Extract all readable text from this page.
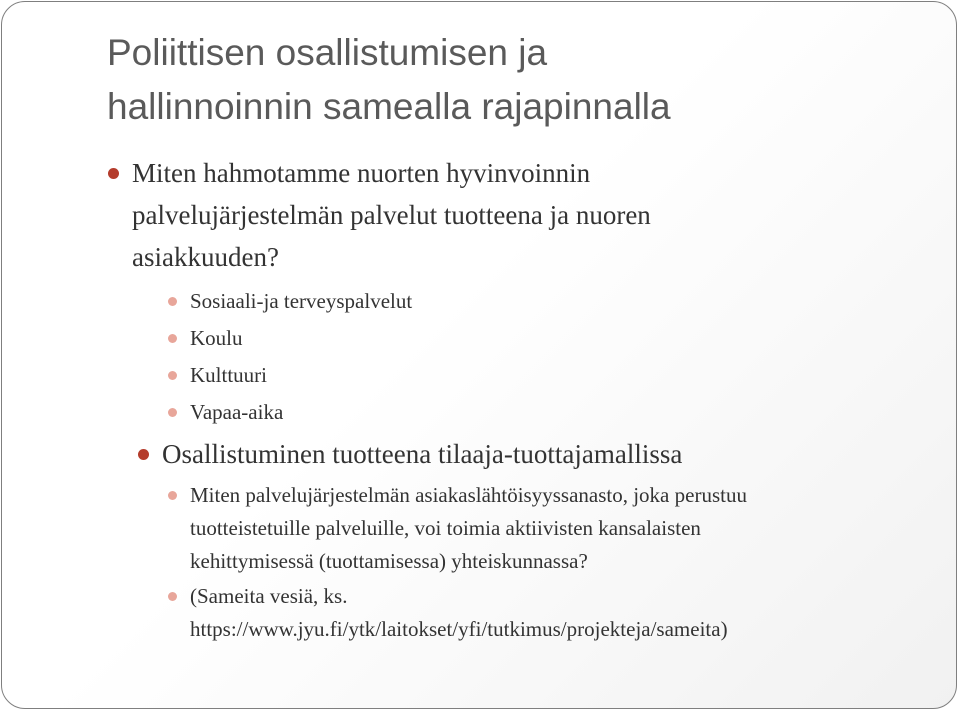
Poliittisen osallistumisen ja
hallinnoinnin samealla rajapinnalla
Miten hahmotamme nuorten hyvinvoinnin
palvelujärjestelmän palvelut tuotteena ja nuoren
asiakkuuden?
Sosiaali-ja terveyspalvelut
Koulu
Kulttuuri
Vapaa-aika
Osallistuminen tuotteena tilaaja-tuottajamallissa
Miten palvelujärjestelmän asiakaslähtöisyyssanasto, joka perustuu
tuotteistetuille palveluille, voi toimia aktiivisten kansalaisten
kehittymisessä (tuottamisessa) yhteiskunnassa?
(Sameita vesiä, ks.
https://www.jyu.fi/ytk/laitokset/yfi/tutkimus/projekteja/sameita)
